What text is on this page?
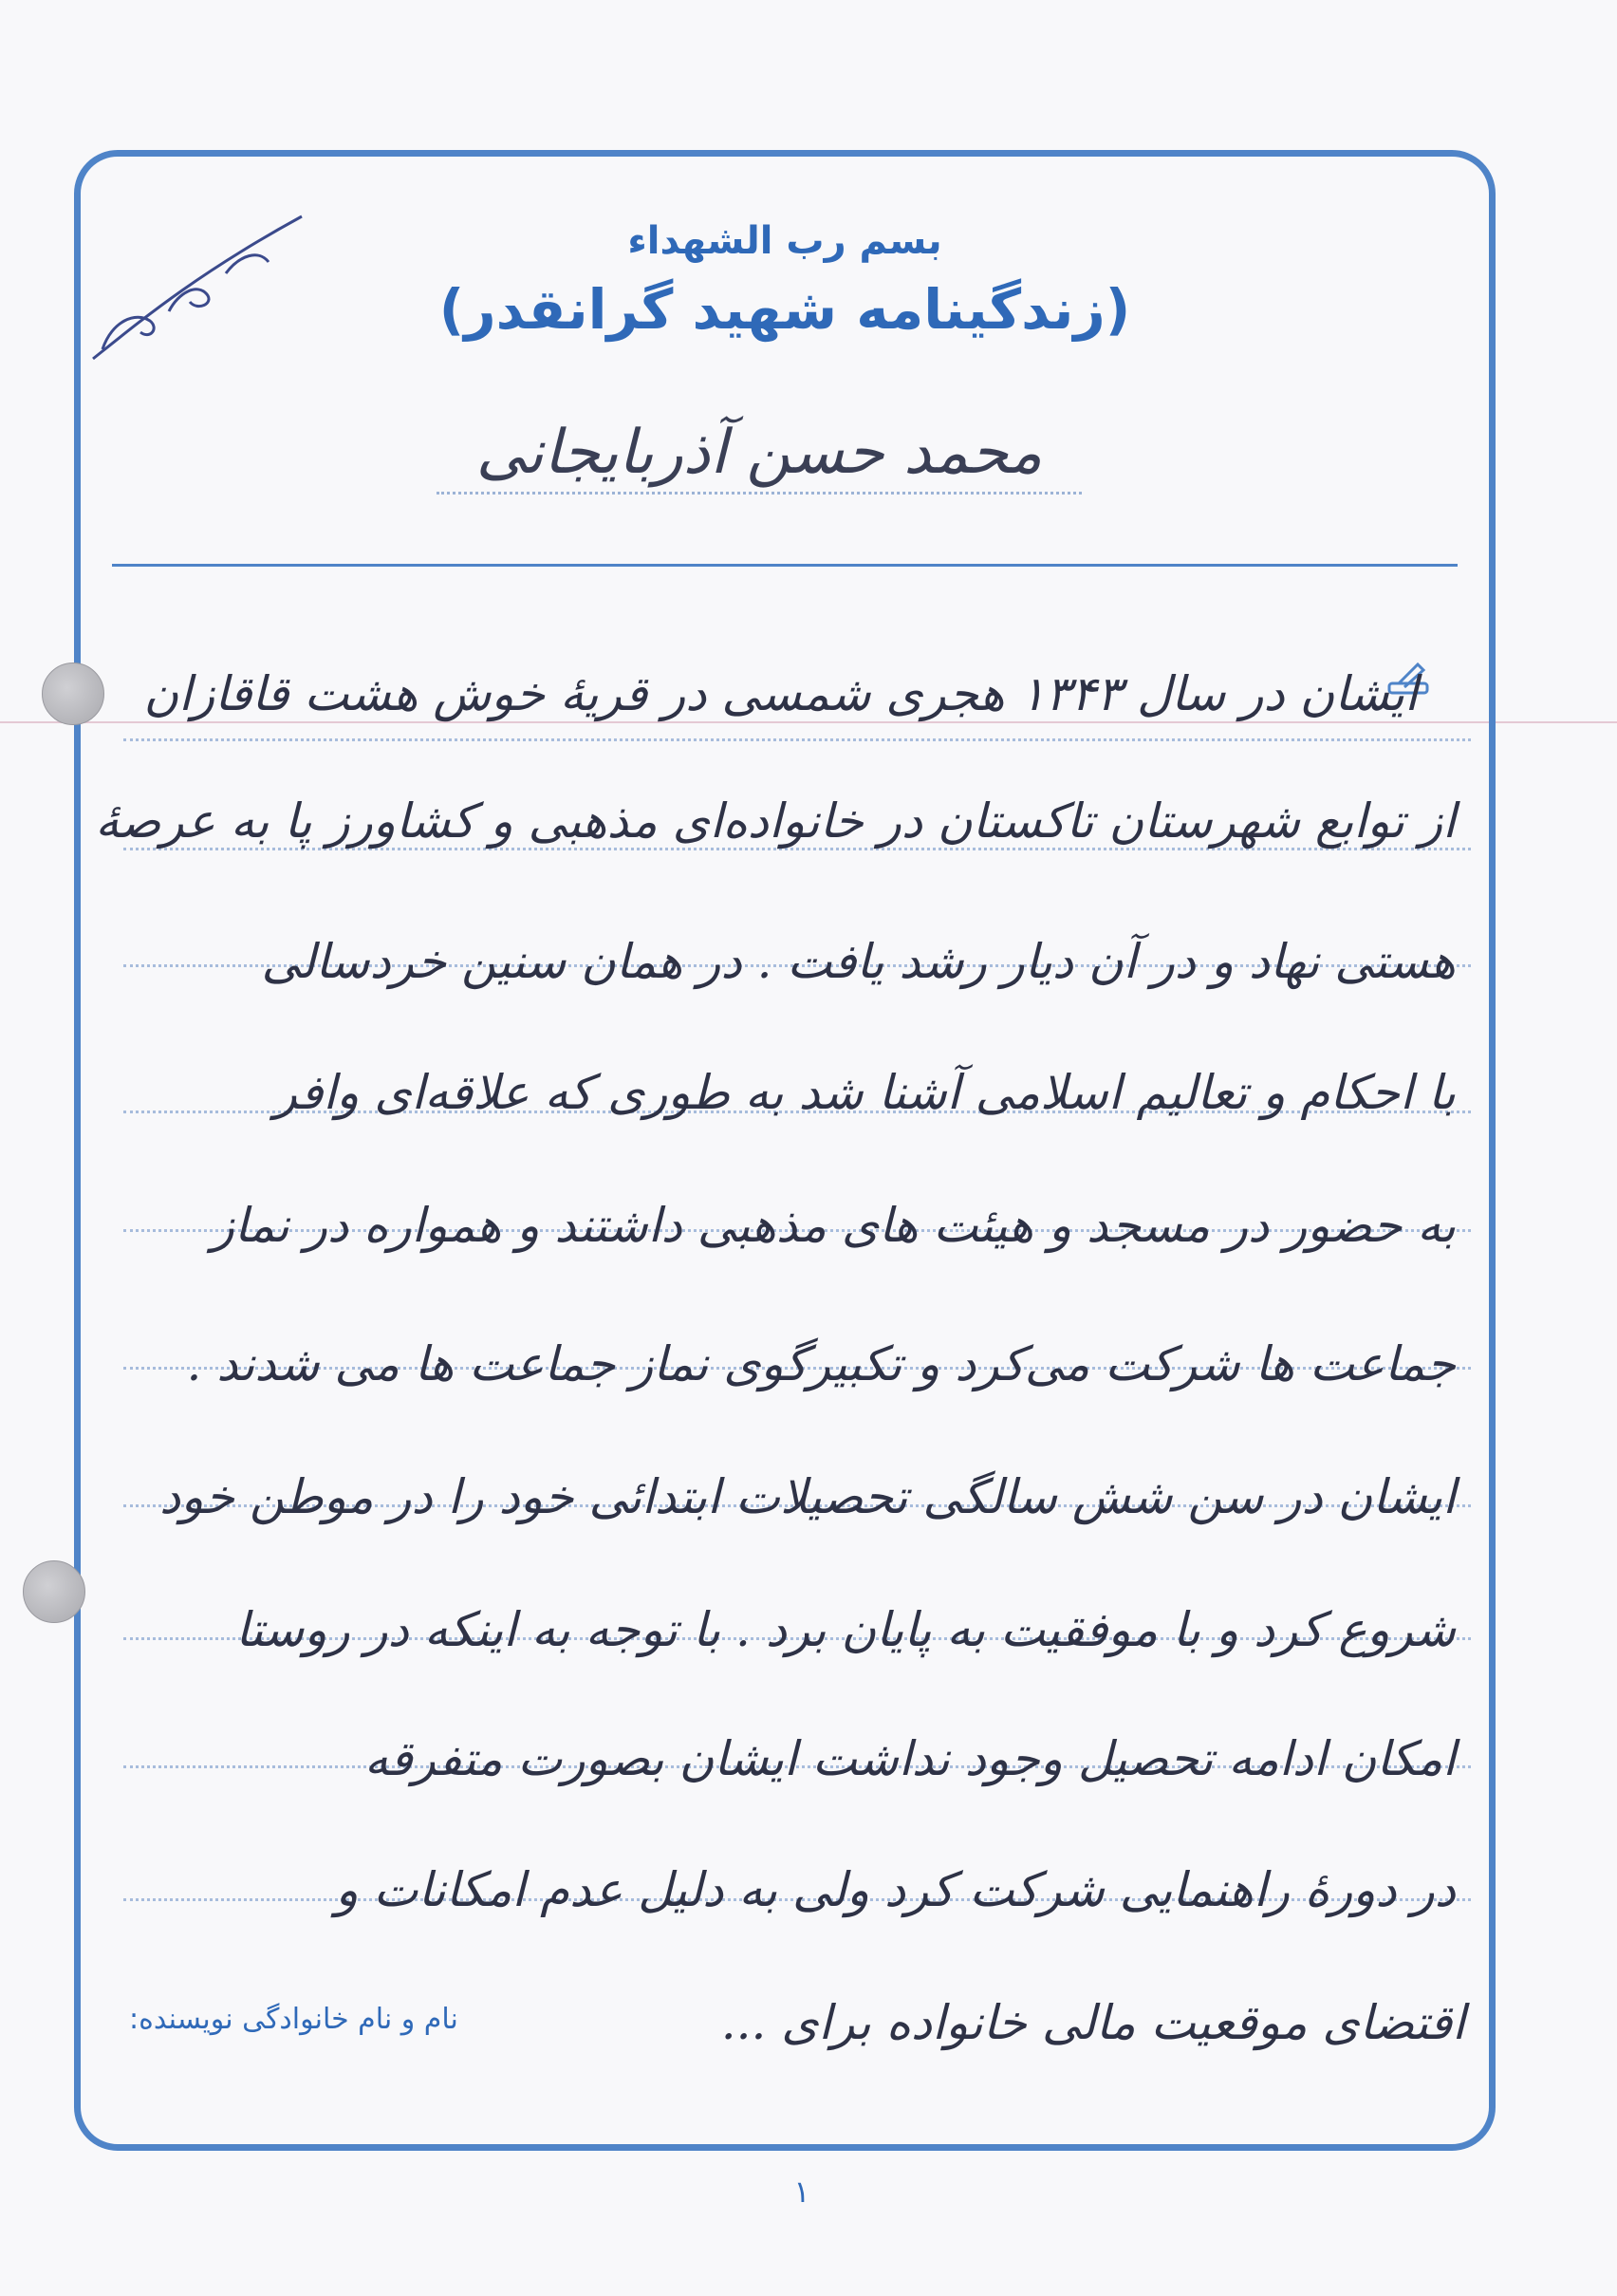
بسم رب الشهداء

(زندگینامه شهید گرانقدر)

محمد حسن آذربایجانی
ایشان در سال ۱۳۴۳ هجری شمسی در قریهٔ خوش هشت قاقازان
از توابع شهرستان تاکستان در خانواده‌ای مذهبی و کشاورز پا به عرصهٔ
هستی نهاد و در آن دیار رشد یافت . در همان سنین خردسالی
با احکام و تعالیم اسلامی آشنا شد به طوری که علاقه‌ای وافر
به حضور در مسجد و هیئت های مذهبی داشتند و همواره در نماز
جماعت ها شرکت می‌کرد و تکبیرگوی نماز جماعت ها می شدند .
ایشان در سن شش سالگی تحصیلات ابتدائی خود را در موطن خود
شروع کرد و با موفقیت به پایان برد . با توجه به اینکه در روستا
امکان ادامه تحصیل وجود نداشت ایشان بصورت متفرقه
در دورهٔ راهنمایی شرکت کرد ولی به دلیل عدم امکانات و
اقتضای موقعیت مالی خانواده برای ...
نام و نام خانوادگی نویسنده:
۱
